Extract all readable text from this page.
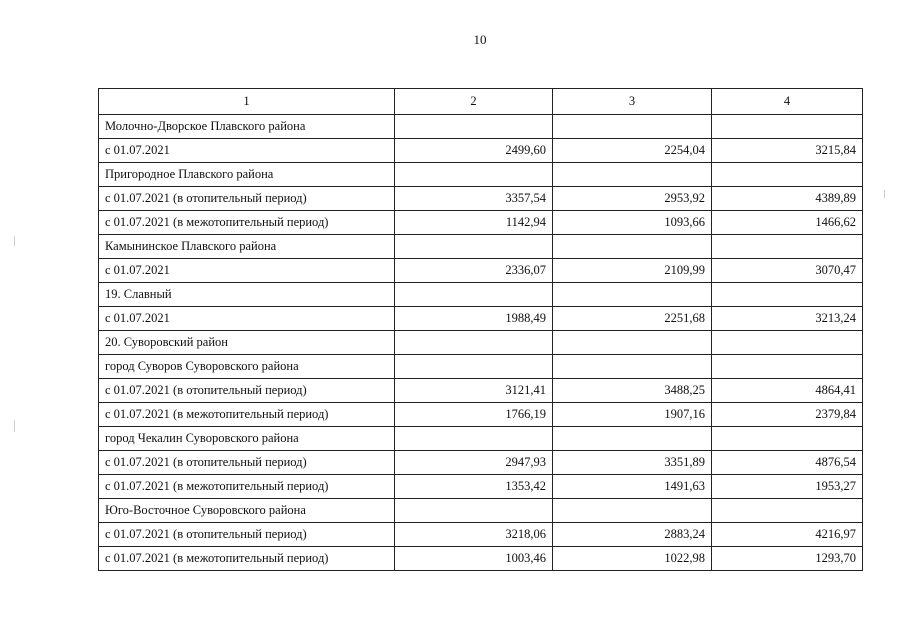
10
1	2	3	4
Молочно-Дворское Плавского района			
с 01.07.2021	2499,60	2254,04	3215,84
Пригородное Плавского района			
с 01.07.2021 (в отопительный период)	3357,54	2953,92	4389,89
с 01.07.2021 (в межотопительный период)	1142,94	1093,66	1466,62
Камынинское Плавского района			
с 01.07.2021	2336,07	2109,99	3070,47
19. Славный			
с 01.07.2021	1988,49	2251,68	3213,24
20. Суворовский район			
город Суворов Суворовского района			
с 01.07.2021 (в отопительный период)	3121,41	3488,25	4864,41
с 01.07.2021 (в межотопительный период)	1766,19	1907,16	2379,84
город Чекалин Суворовского района			
с 01.07.2021 (в отопительный период)	2947,93	3351,89	4876,54
с 01.07.2021 (в межотопительный период)	1353,42	1491,63	1953,27
Юго-Восточное Суворовского района			
с 01.07.2021 (в отопительный период)	3218,06	2883,24	4216,97
с 01.07.2021 (в межотопительный период)	1003,46	1022,98	1293,70
